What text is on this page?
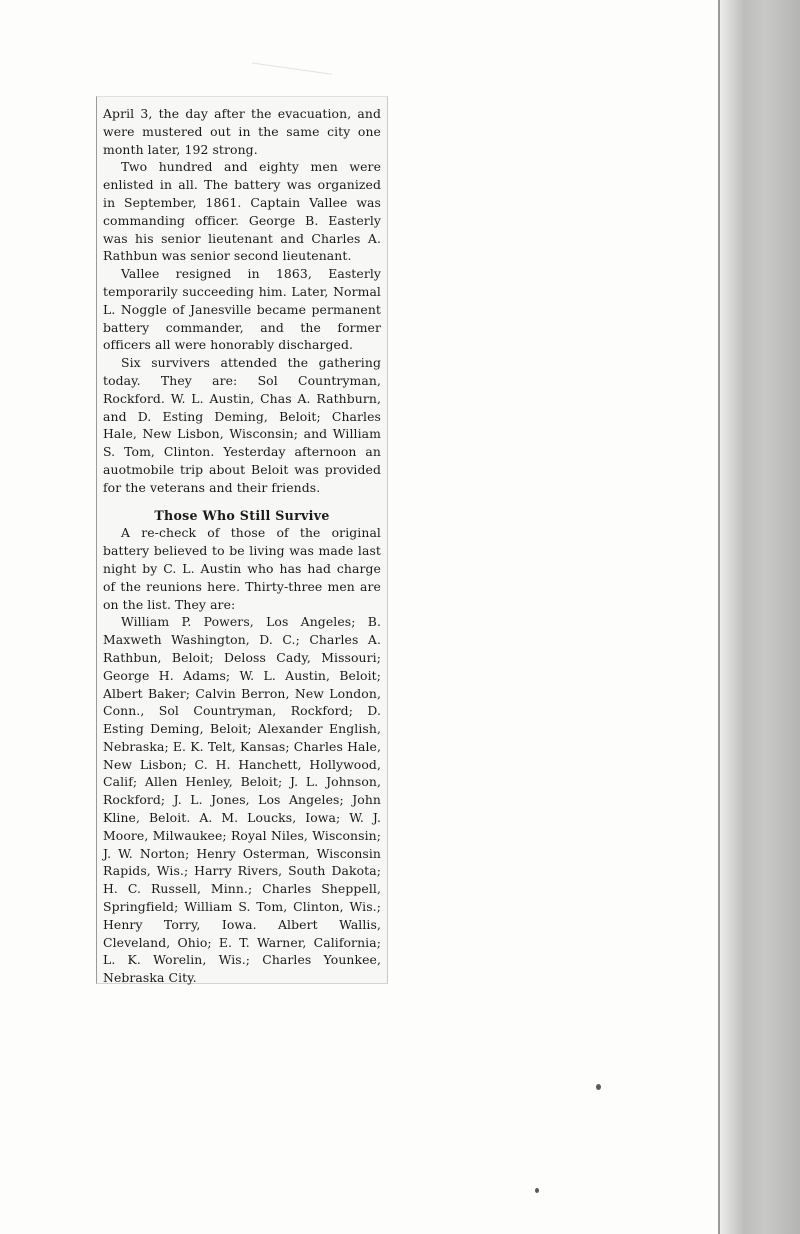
April 3, the day after the evacuation, and were mustered out in the same city one month later, 192 strong.

Two hundred and eighty men were enlisted in all. The battery was organized in September, 1861. Captain Vallee was commanding officer. George B. Easterly was his senior lieutenant and Charles A. Rathbun was senior second lieutenant.

Vallee resigned in 1863, Easterly temporarily succeeding him. Later, Normal L. Noggle of Janesville became permanent battery commander, and the former officers all were honorably discharged.

Six survivers attended the gathering today. They are: Sol Countryman, Rockford. W. L. Austin, Chas A. Rathburn, and D. Esting Deming, Beloit; Charles Hale, New Lisbon, Wisconsin; and William S. Tom, Clinton. Yesterday afternoon an auotmobile trip about Beloit was provided for the veterans and their friends.

Those Who Still Survive

A re-check of those of the original battery believed to be living was made last night by C. L. Austin who has had charge of the reunions here. Thirty-three men are on the list. They are:

William P. Powers, Los Angeles; B. Maxweth Washington, D. C.; Charles A. Rathbun, Beloit; Deloss Cady, Missouri; George H. Adams; W. L. Austin, Beloit; Albert Baker; Calvin Berron, New London, Conn., Sol Countryman, Rockford; D. Esting Deming, Beloit; Alexander English, Nebraska; E. K. Telt, Kansas; Charles Hale, New Lisbon; C. H. Hanchett, Hollywood, Calif; Allen Henley, Beloit; J. L. Johnson, Rockford; J. L. Jones, Los Angeles; John Kline, Beloit. A. M. Loucks, Iowa; W. J. Moore, Milwaukee; Royal Niles, Wisconsin; J. W. Norton; Henry Osterman, Wisconsin Rapids, Wis.; Harry Rivers, South Dakota; H. C. Russell, Minn.; Charles Sheppell, Springfield; William S. Tom, Clinton, Wis.; Henry Torry, Iowa. Albert Wallis, Cleveland, Ohio; E. T. Warner, California; L. K. Worelin, Wis.; Charles Younkee, Nebraska City.
